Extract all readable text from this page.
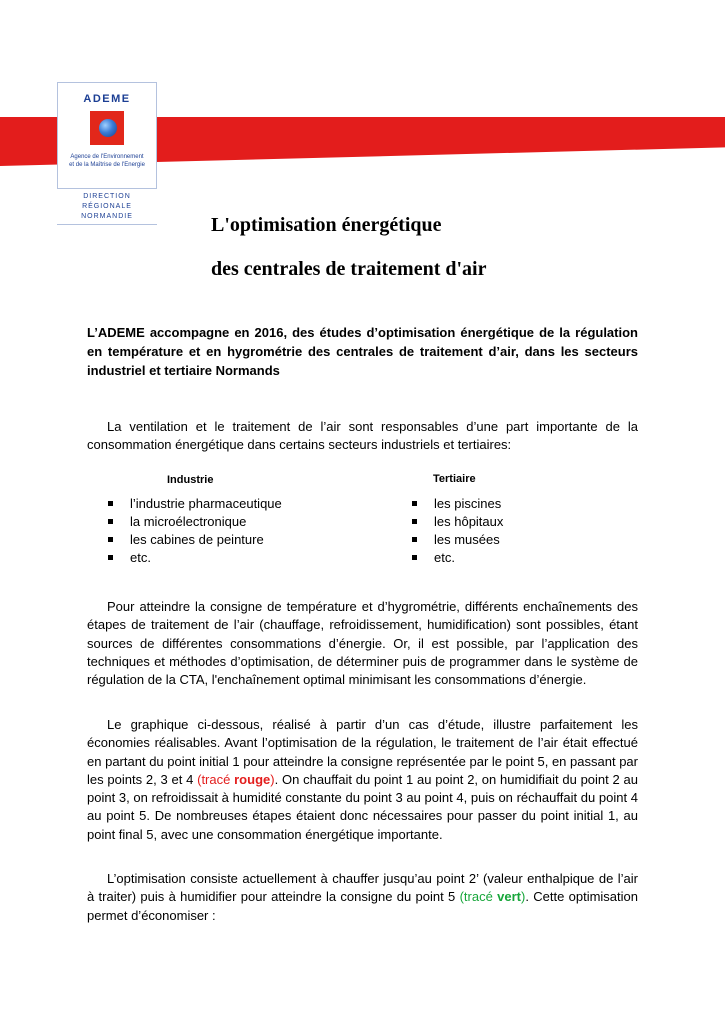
ADEME
Agence de l'Environnement
et de la Maîtrise de l'Energie
DIRECTION RÉGIONALE
NORMANDIE	L'optimisation énergétique
des centrales de traitement d'air
L’ADEME accompagne en 2016, des études d’optimisation énergétique de la régulation en température et en hygrométrie des centrales de traitement d’air, dans les secteurs industriel et tertiaire Normands
La ventilation et le traitement de l’air sont responsables d’une part importante de la consommation énergétique dans certains secteurs industriels et tertiaires:
Industrie	Tertiaire
l’industrie pharmaceutique
la microélectronique
les cabines de peinture
etc.
les piscines
les hôpitaux
les musées
etc.
Pour atteindre la consigne de température et d’hygrométrie, différents enchaînements des étapes de traitement de l’air (chauffage, refroidissement, humidification) sont possibles, étant sources de différentes consommations d’énergie. Or, il est possible, par l’application des techniques et méthodes d’optimisation, de déterminer puis de programmer dans le système de régulation de la CTA, l'enchaînement optimal minimisant les consommations d’énergie.
Le graphique ci-dessous, réalisé à partir d’un cas d’étude, illustre parfaitement les économies réalisables. Avant l’optimisation de la régulation, le traitement de l’air était effectué en partant du point initial 1 pour atteindre la consigne représentée par le point 5, en passant par les points 2, 3 et 4 (tracé rouge). On chauffait du point 1 au point 2, on humidifiait du point 2 au point 3, on refroidissait à humidité constante du point 3 au point 4, puis on réchauffait du point 4 au point 5. De nombreuses étapes étaient donc nécessaires pour passer du point initial 1, au point final 5, avec une consommation énergétique importante.
L’optimisation consiste actuellement à chauffer jusqu’au point 2’ (valeur enthalpique de l’air à traiter) puis à humidifier pour atteindre la consigne du point 5 (tracé vert). Cette optimisation permet d’économiser :
